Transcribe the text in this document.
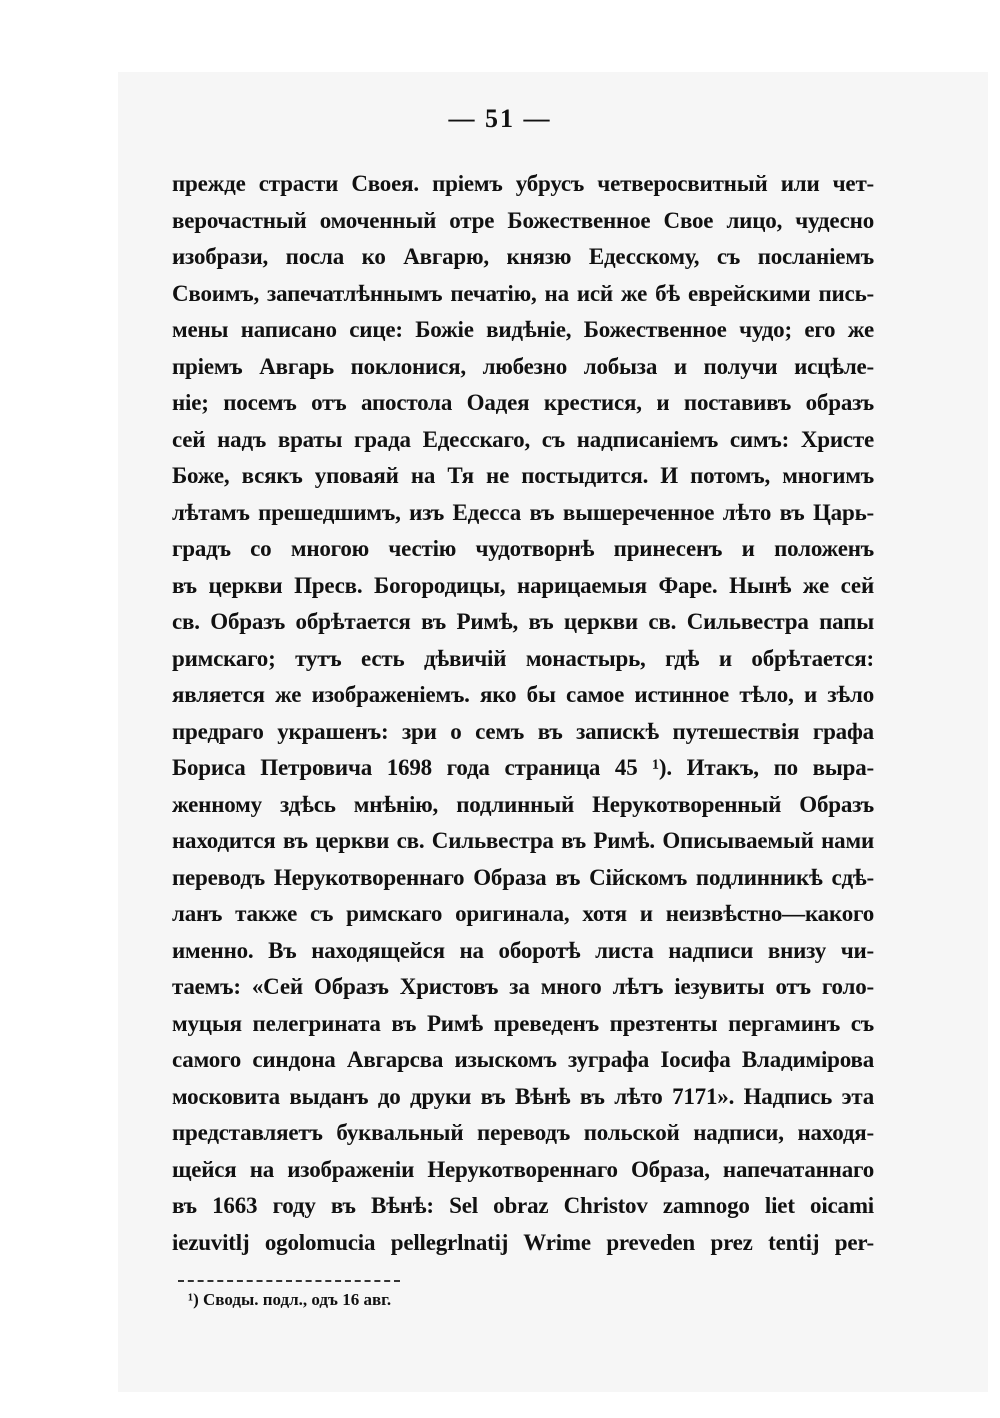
— 51 —
прежде страсти Своея. прiемъ убрусъ четвеpосвитный или чет-
верочастный омоченный отре Божественное Свое лицо, чудесно
изобрази, посла ко Авгарю, князю Едесскому, съ посланiемъ
Своимъ, запечатлѣннымъ печатiю, на исй же бѣ еврейскими пись-
мены написано сице: Божiе видѣнiе, Божественное чудо; его же
прiемъ Авгарь поклонися, любезно лобыза и получи исцѣле-
нiе; посемъ отъ апостола Оадея крестися, и поставивъ образъ
сей надъ враты града Едесскаго, съ надписанiемъ симъ: Христе
Боже, всякъ уповаяй на Тя не постыдится. И потомъ, многимъ
лѣтамъ прешедшимъ, изъ Едесса въ вышереченное лѣто въ Царь-
градъ со многою честiю чудотворнѣ принесенъ и положенъ
въ церкви Пресв. Богородицы, нарицаемыя Фаре. Нынѣ же сей
св. Образъ обрѣтается въ Римѣ, въ церкви св. Сильвестра папы
римскаго; тутъ есть дѣвичiй монастырь, гдѣ и обрѣтается:
является же изображенiемъ. яко бы самое истинное тѣло, и зѣло
предраго украшенъ: зри о семъ въ запискѣ путешествiя графа
Бориса Петровича 1698 года страница 45 ¹). Итакъ, по выра-
женному здѣсь мнѣнiю, подлинный Нерукотворенный Образъ
находится въ церкви св. Сильвестра въ Римѣ. Описываемый нами
переводъ Нерукотвореннаго Образа въ Сiйскомъ подлинникѣ сдѣ-
ланъ также съ римскаго оригинала, хотя и неизвѣстно—какого
именно. Въ находящейся на оборотѣ листа надписи внизу чи-
таемъ: «Сей Образъ Христовъ за много лѣтъ iезувиты отъ голо-
муцыя пелегрината въ Римѣ преведенъ презтенты пергаминъ съ
самого синдона Авгарсва изыскомъ зуграфа Iосифа Владимiрова
московита выданъ до друки въ Вѣнѣ въ лѣто 7171». Надпись эта
представляетъ буквальный переводъ польской надписи, находя-
щейся на изображенiи Нерукотвореннаго Образа, напечатаннаго
въ 1663 году въ Вѣнѣ: Sel obraz Christov zamnogo liet oicami
iezuvitlj ogolomucia pellegrlnatij Wrime preveden prez tentij per-
¹) Своды. подл., одъ 16 авг.
